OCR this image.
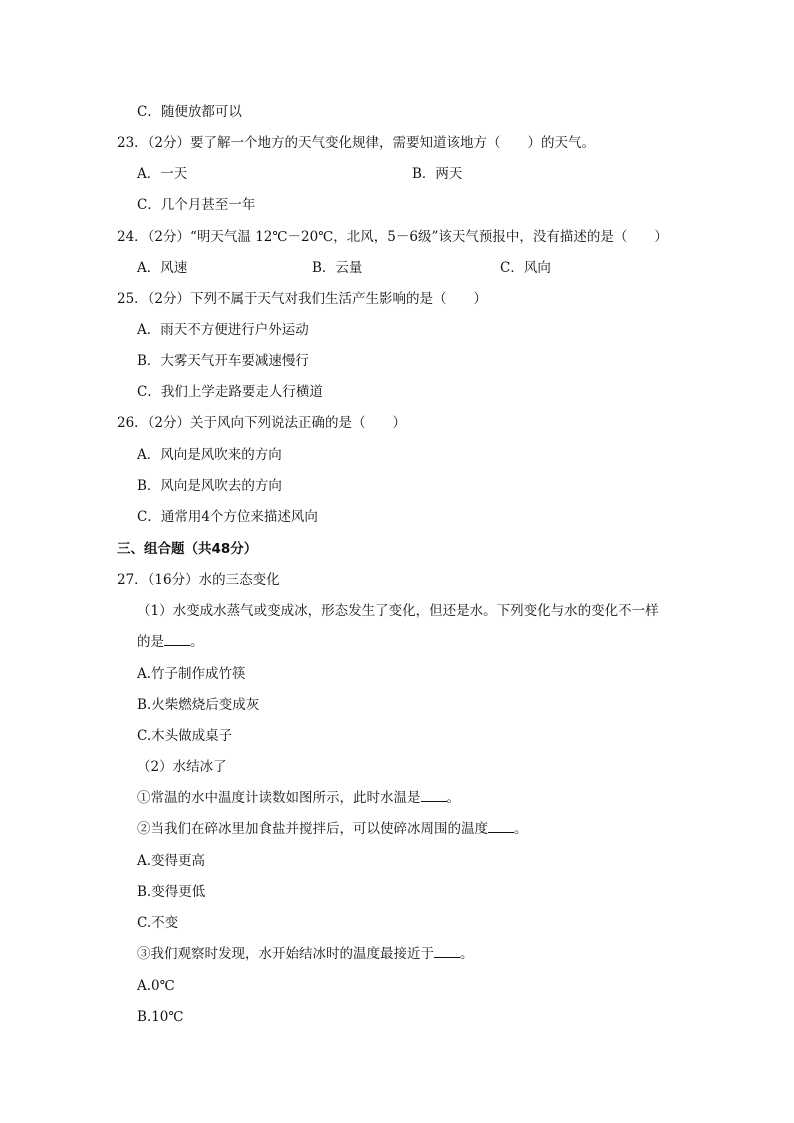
C．随便放都可以
23．（2分）要了解一个地方的天气变化规律，需要知道该地方（　　）的天气。
A．一天	B．两天
C．几个月甚至一年
24．（2分）“明天气温 12℃－20℃，北风，5－6级”该天气预报中，没有描述的是（　　）
A．风速	B．云量	C．风向
25．（2分）下列不属于天气对我们生活产生影响的是（　　）
A．雨天不方便进行户外运动
B．大雾天气开车要减速慢行
C．我们上学走路要走人行横道
26．（2分）关于风向下列说法正确的是（　　）
A．风向是风吹来的方向
B．风向是风吹去的方向
C．通常用4个方位来描述风向
三、组合题（共48分）
27．（16分）水的三态变化
（1）水变成水蒸气或变成冰，形态发生了变化，但还是水。下列变化与水的变化不一样
的是 。
A.竹子制作成竹筷
B.火柴燃烧后变成灰
C.木头做成桌子
（2）水结冰了
①常温的水中温度计读数如图所示，此时水温是 。
②当我们在碎冰里加食盐并搅拌后，可以使碎冰周围的温度 。
A.变得更高
B.变得更低
C.不变
③我们观察时发现，水开始结冰时的温度最接近于 。
A.0℃
B.10℃
